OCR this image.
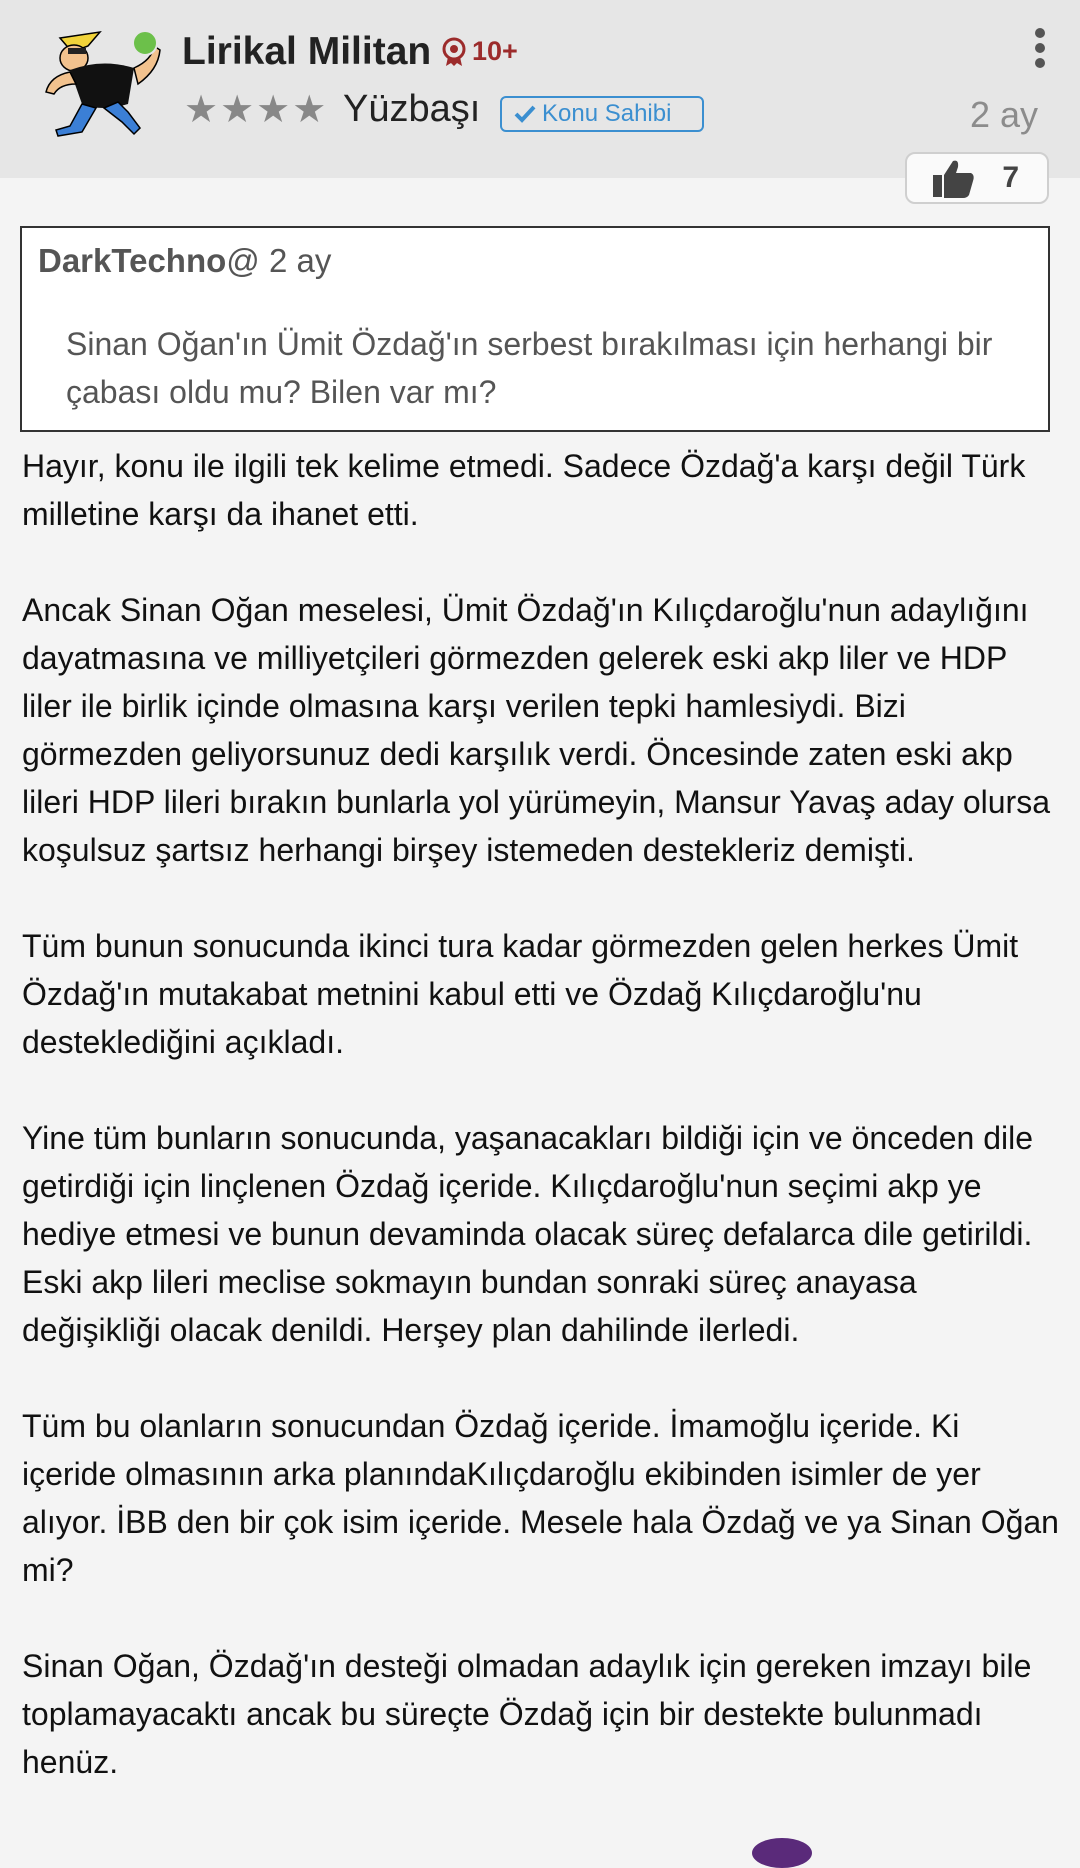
Lirikal Militan 10+
★ ★ ★ ★ Yüzbaşı	Konu Sahibi	2 ay
7
DarkTechno@ 2 ay
Sinan Oğan'ın Ümit Özdağ'ın serbest bırakılması için herhangi bir çabası oldu mu? Bilen var mı?

Hayır, konu ile ilgili tek kelime etmedi. Sadece Özdağ'a karşı değil Türk milletine karşı da ihanet etti.

Ancak Sinan Oğan meselesi, Ümit Özdağ'ın Kılıçdaroğlu'nun adaylığını dayatmasına ve milliyetçileri görmezden gelerek eski akp liler ve HDP liler ile birlik içinde olmasına karşı verilen tepki hamlesiydi. Bizi görmezden geliyorsunuz dedi karşılık verdi. Öncesinde zaten eski akp lileri HDP lileri bırakın bunlarla yol yürümeyin, Mansur Yavaş aday olursa koşulsuz şartsız herhangi birşey istemeden destekleriz demişti.

Tüm bunun sonucunda ikinci tura kadar görmezden gelen herkes Ümit Özdağ'ın mutakabat metnini kabul etti ve Özdağ Kılıçdaroğlu'nu desteklediğini açıkladı.

Yine tüm bunların sonucunda, yaşanacakları bildiği için ve önceden dile getirdiği için linçlenen Özdağ içeride. Kılıçdaroğlu'nun seçimi akp ye hediye etmesi ve bunun devaminda olacak süreç defalarca dile getirildi. Eski akp lileri meclise sokmayın bundan sonraki süreç anayasa değişikliği olacak denildi. Herşey plan dahilinde ilerledi.

Tüm bu olanların sonucundan Özdağ içeride. İmamoğlu içeride. Ki içeride olmasının arka planındaKılıçdaroğlu ekibinden isimler de yer alıyor. İBB den bir çok isim içeride. Mesele hala Özdağ ve ya Sinan Oğan mi?

Sinan Oğan, Özdağ'ın desteği olmadan adaylık için gereken imzayı bile toplamayacaktı ancak bu süreçte Özdağ için bir destekte bulunmadı henüz.
